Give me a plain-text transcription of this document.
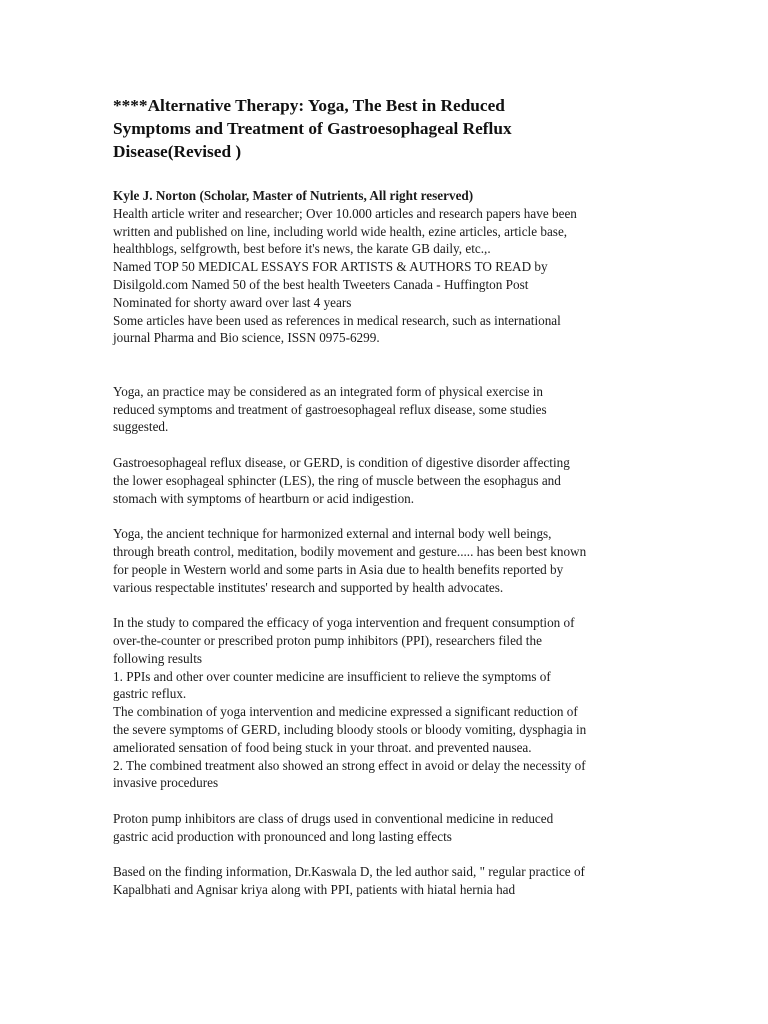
****Alternative Therapy: Yoga, The Best in Reduced
Symptoms and Treatment of Gastroesophageal Reflux
Disease(Revised )
Kyle J. Norton (Scholar, Master of Nutrients, All right reserved)
Health article writer and researcher; Over 10.000 articles and research papers have been
written and published on line, including world wide health, ezine articles, article base,
healthblogs, selfgrowth, best before it's news, the karate GB daily, etc.,.
Named TOP 50 MEDICAL ESSAYS FOR ARTISTS & AUTHORS TO READ by
Disilgold.com Named 50 of the best health Tweeters Canada - Huffington Post
Nominated for shorty award over last 4 years
Some articles have been used as references in medical research, such as international
journal Pharma and Bio science, ISSN 0975-6299.
Yoga, an practice may be considered as an integrated form of physical exercise in
reduced symptoms and treatment of gastroesophageal reflux disease, some studies
suggested.
Gastroesophageal reflux disease, or GERD, is condition of digestive disorder affecting
the lower esophageal sphincter (LES), the ring of muscle between the esophagus and
stomach with symptoms of heartburn or acid indigestion.
Yoga, the ancient technique for harmonized external and internal body well beings,
through breath control, meditation, bodily movement and gesture..... has been best known
for people in Western world and some parts in Asia due to health benefits reported by
various respectable institutes' research and supported by health advocates.
In the study to compared the efficacy of yoga intervention and frequent consumption of
over-the-counter or prescribed proton pump inhibitors (PPI), researchers filed the
following results
1. PPIs and other over counter medicine are insufficient to relieve the symptoms of
gastric reflux.
The combination of yoga intervention and medicine expressed a significant reduction of
the severe symptoms of GERD, including bloody stools or bloody vomiting, dysphagia in
ameliorated sensation of food being stuck in your throat. and prevented nausea.
2. The combined treatment also showed an strong effect in avoid or delay the necessity of
invasive procedures
Proton pump inhibitors are class of drugs used in conventional medicine in reduced
gastric acid production with pronounced and long lasting effects
Based on the finding information, Dr.Kaswala D, the led author said, " regular practice of
Kapalbhati and Agnisar kriya along with PPI, patients with hiatal hernia had
